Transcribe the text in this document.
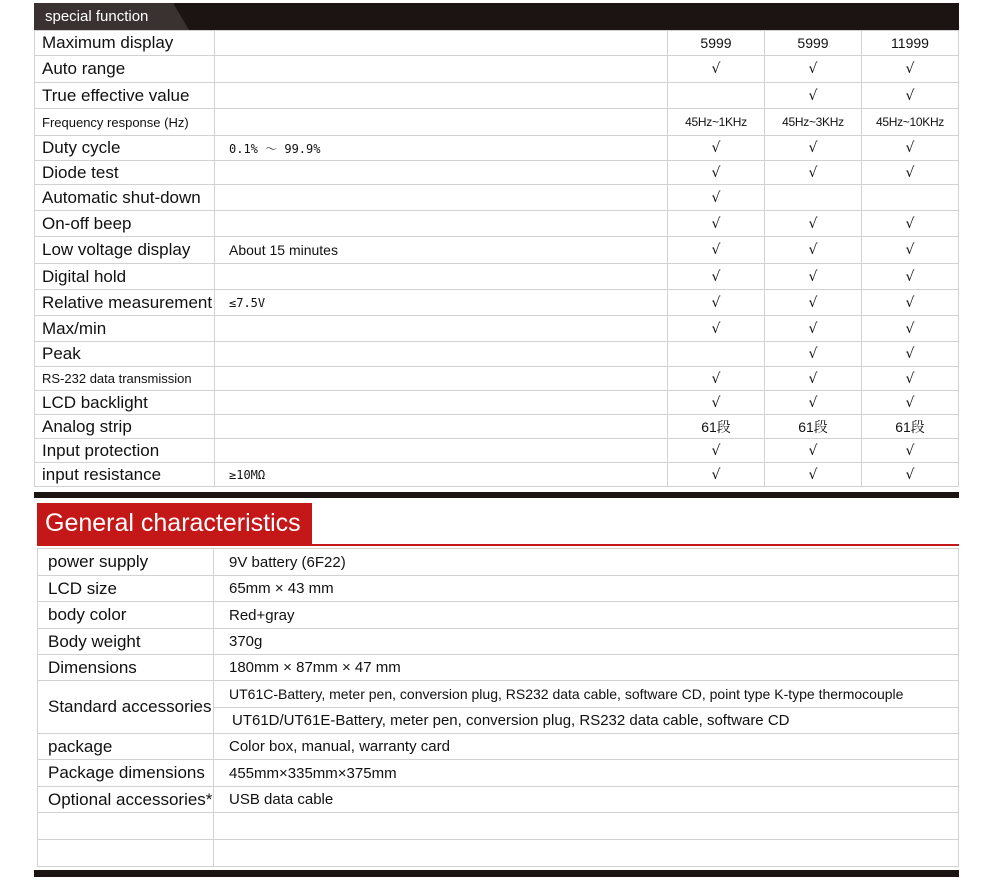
special function
Maximum display		5999	5999	11999
Auto range		√	√	√
True effective value			√	√
Frequency response (Hz)		45Hz~1KHz	45Hz~3KHz	45Hz~10KHz
Duty cycle	0.1% ～ 99.9%	√	√	√
Diode test		√	√	√
Automatic shut-down		√		
On-off beep		√	√	√
Low voltage display	About 15 minutes	√	√	√
Digital hold		√	√	√
Relative measurement	≤7.5V	√	√	√
Max/min		√	√	√
Peak			√	√
RS-232 data transmission		√	√	√
LCD backlight		√	√	√
Analog strip		61段	61段	61段
Input protection		√	√	√
input resistance	≥10MΩ	√	√	√
General characteristics
power supply	9V battery (6F22)
LCD size	65mm × 43 mm
body color	Red+gray
Body weight	370g
Dimensions	180mm × 87mm × 47 mm
Standard accessories	UT61C-Battery, meter pen, conversion plug, RS232 data cable, software CD, point type K-type thermocouple
UT61D/UT61E-Battery, meter pen, conversion plug, RS232 data cable, software CD

package	Color box, manual, warranty card
Package dimensions	455mm×335mm×375mm
Optional accessories*	USB data cable
